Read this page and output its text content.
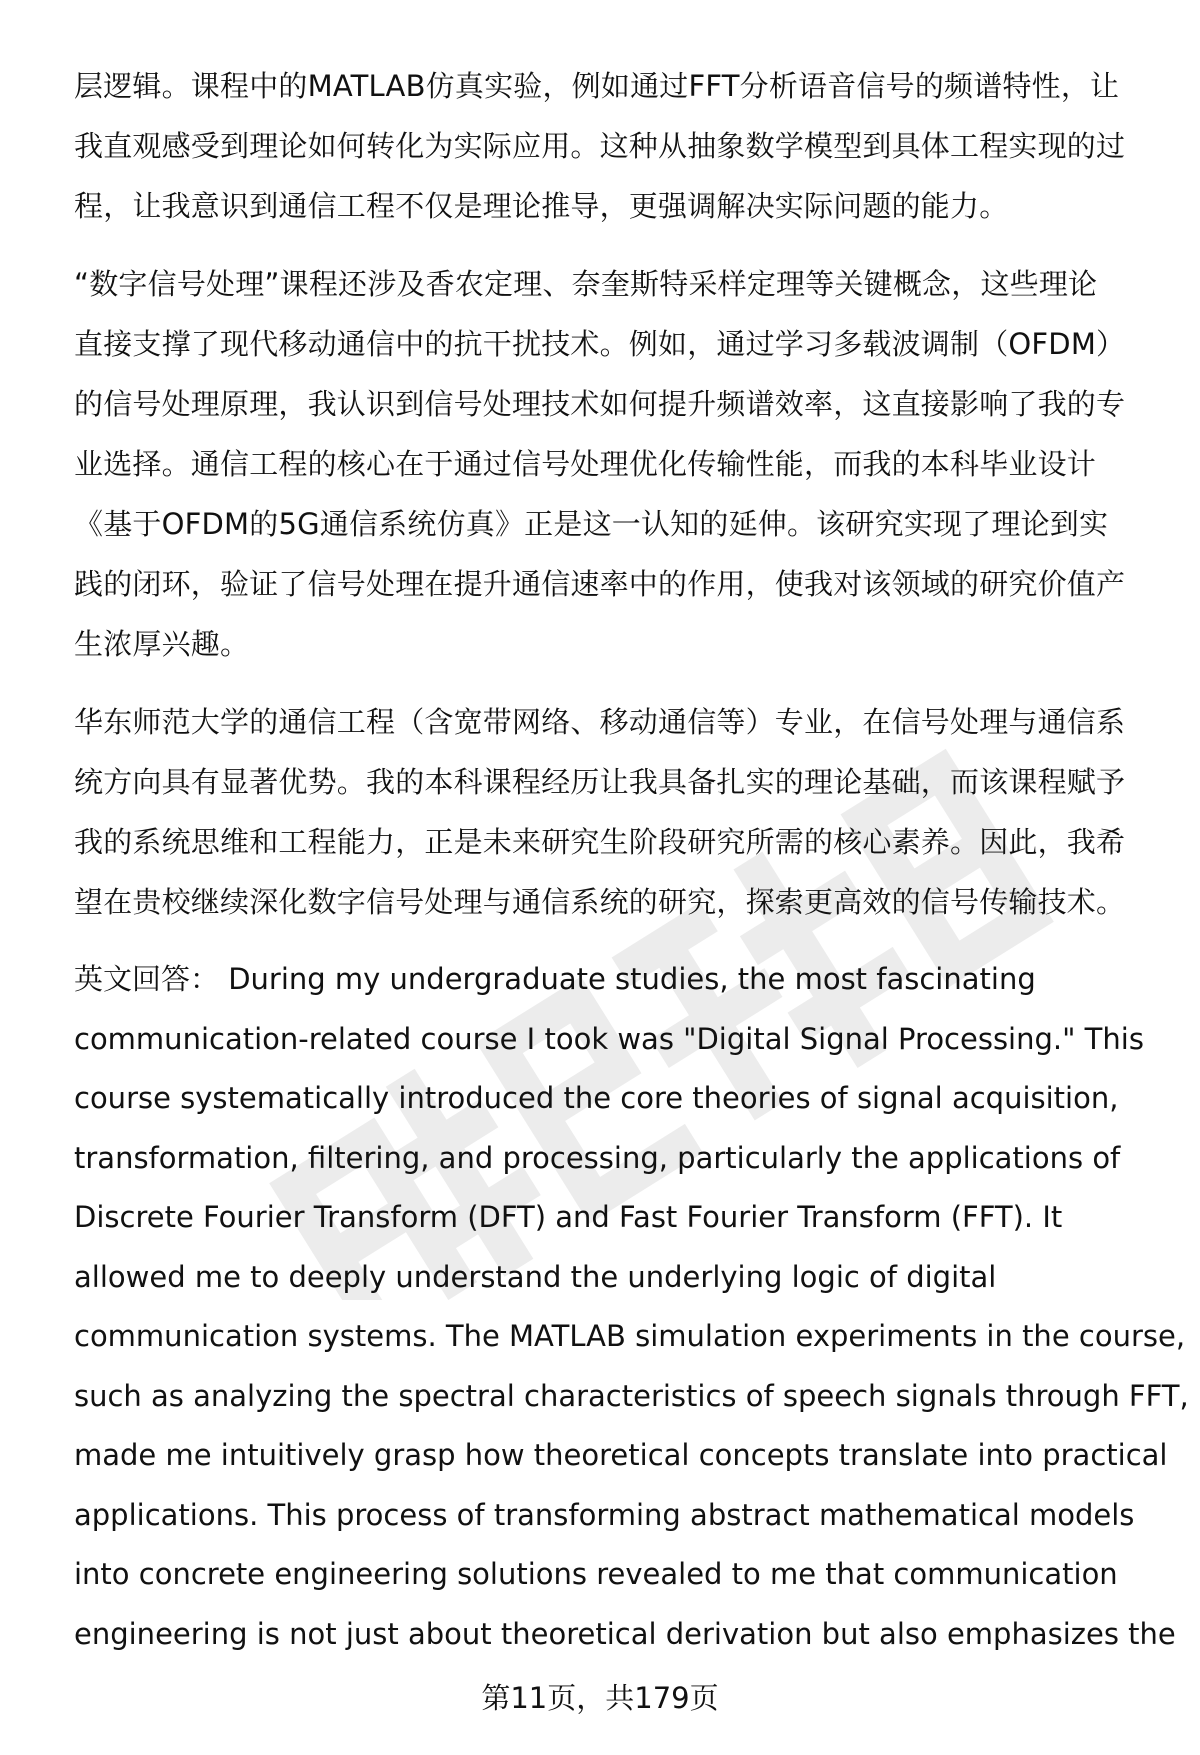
层逻辑。课程中的MATLAB仿真实验，例如通过FFT分析语音信号的频谱特性，让
我直观感受到理论如何转化为实际应用。这种从抽象数学模型到具体工程实现的过
程，让我意识到通信工程不仅是理论推导，更强调解决实际问题的能力。

“数字信号处理”课程还涉及香农定理、奈奎斯特采样定理等关键概念，这些理论
直接支撑了现代移动通信中的抗干扰技术。例如，通过学习多载波调制（OFDM）
的信号处理原理，我认识到信号处理技术如何提升频谱效率，这直接影响了我的专
业选择。通信工程的核心在于通过信号处理优化传输性能，而我的本科毕业设计
《基于OFDM的5G通信系统仿真》正是这一认知的延伸。该研究实现了理论到实
践的闭环，验证了信号处理在提升通信速率中的作用，使我对该领域的研究价值产
生浓厚兴趣。

华东师范大学的通信工程（含宽带网络、移动通信等）专业，在信号处理与通信系
统方向具有显著优势。我的本科课程经历让我具备扎实的理论基础，而该课程赋予
我的系统思维和工程能力，正是未来研究生阶段研究所需的核心素养。因此，我希
望在贵校继续深化数字信号处理与通信系统的研究，探索更高效的信号传输技术。

英文回答： During my undergraduate studies, the most fascinating
communication-related course I took was "Digital Signal Processing." This
course systematically introduced the core theories of signal acquisition,
transformation, filtering, and processing, particularly the applications of
Discrete Fourier Transform (DFT) and Fast Fourier Transform (FFT). It
allowed me to deeply understand the underlying logic of digital
communication systems. The MATLAB simulation experiments in the course,
such as analyzing the spectral characteristics of speech signals through FFT,
made me intuitively grasp how theoretical concepts translate into practical
applications. This process of transforming abstract mathematical models
into concrete engineering solutions revealed to me that communication
engineering is not just about theoretical derivation but also emphasizes the

第11页，共179页
